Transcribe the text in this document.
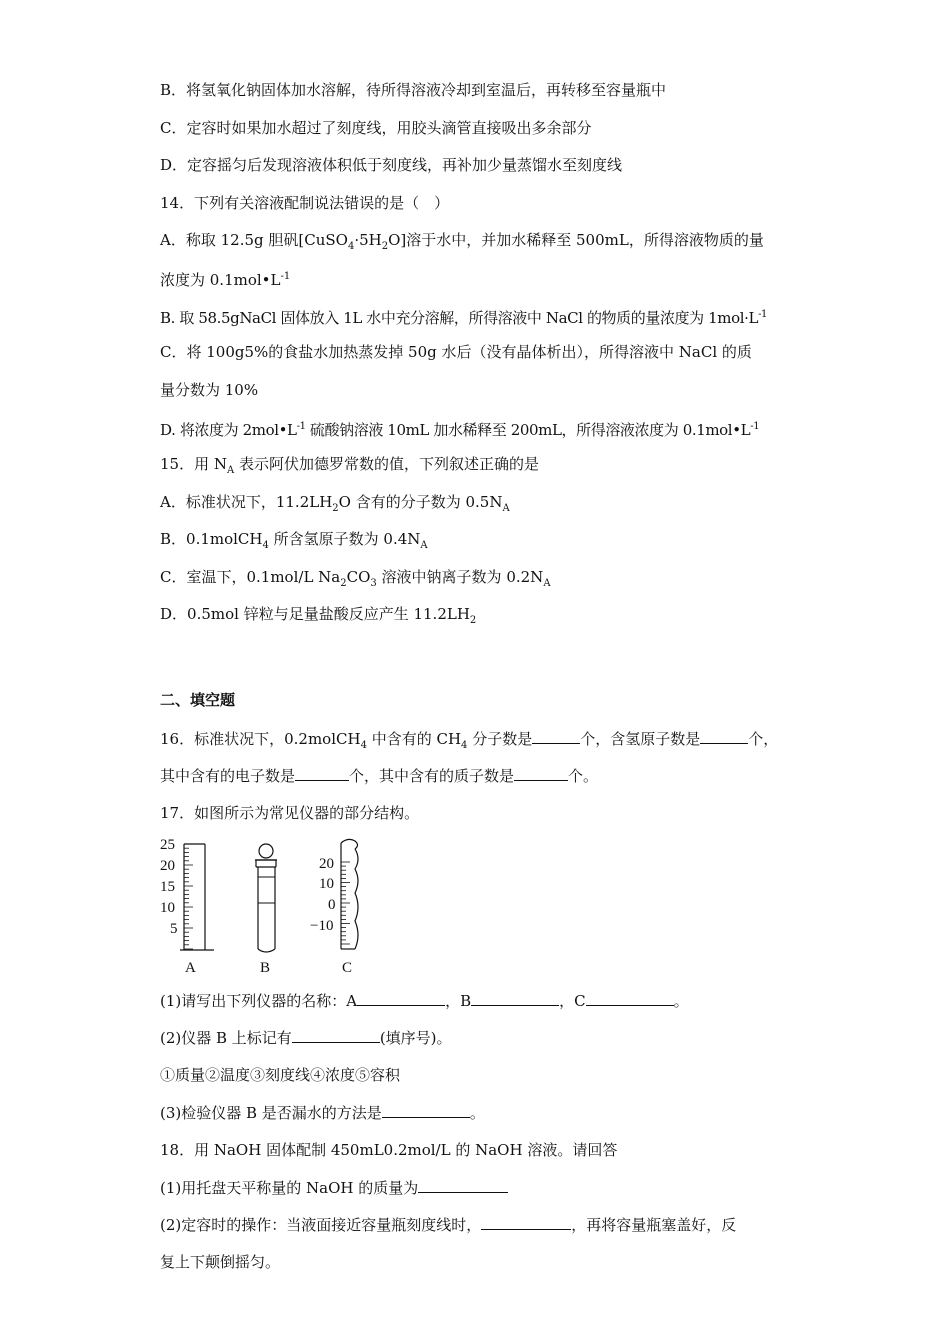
B．将氢氧化钠固体加水溶解，待所得溶液冷却到室温后，再转移至容量瓶中
C．定容时如果加水超过了刻度线，用胶头滴管直接吸出多余部分
D．定容摇匀后发现溶液体积低于刻度线，再补加少量蒸馏水至刻度线
14．下列有关溶液配制说法错误的是（　）
A．称取 12.5g 胆矾$[CuSO_4\cdot 5H_2O]$溶于水中，并加水稀释至 500mL，所得溶液物质的量
浓度为 $0.1mol•L^{-1}$
B. 取 58.5gNaCl 固体放入 1L 水中充分溶解，所得溶液中 NaCl 的物质的量浓度为 $1mol\cdot L^{-1}$
C．将 100g5%的食盐水加热蒸发掉 50g 水后（没有晶体析出），所得溶液中 NaCl 的质
量分数为 10%
D. 将浓度为 $2mol•L^{-1}$ 硫酸钠溶液 10mL 加水稀释至 200mL，所得溶液浓度为 $0.1mol•L^{-1}$
15．用 $N_A$ 表示阿伏加德罗常数的值，下列叙述正确的是
A．标准状况下，$11.2LH_2O$ 含有的分子数为 $0.5N_A$
B．0.1molCH$_4$ 所含氢原子数为 $0.4N_A$
C．室温下，0.1mol/L $Na_2CO_3$ 溶液中钠离子数为 $0.2N_A$
D．0.5mol 锌粒与足量盐酸反应产生 $11.2LH_2$
二、填空题
16．标准状况下，0.2molCH$_4$ 中含有的 $CH_4$ 分子数是	个，含氢原子数是	个，
其中含有的电子数是	个，其中含有的质子数是	个。
17．如图所示为常见仪器的部分结构。
25
20
15
10
5
20
10
0
−10
A	B	C
(1)请写出下列仪器的名称：A	，B	，C	。
(2)仪器 B 上标记有	(填序号)。
①质量②温度③刻度线④浓度⑤容积
(3)检验仪器 B 是否漏水的方法是	。
18．用 NaOH 固体配制 450mL0.2mol/L 的 NaOH 溶液。请回答
(1)用托盘天平称量的 NaOH 的质量为
(2)定容时的操作：当液面接近容量瓶刻度线时，	，再将容量瓶塞盖好，反
复上下颠倒摇匀。
